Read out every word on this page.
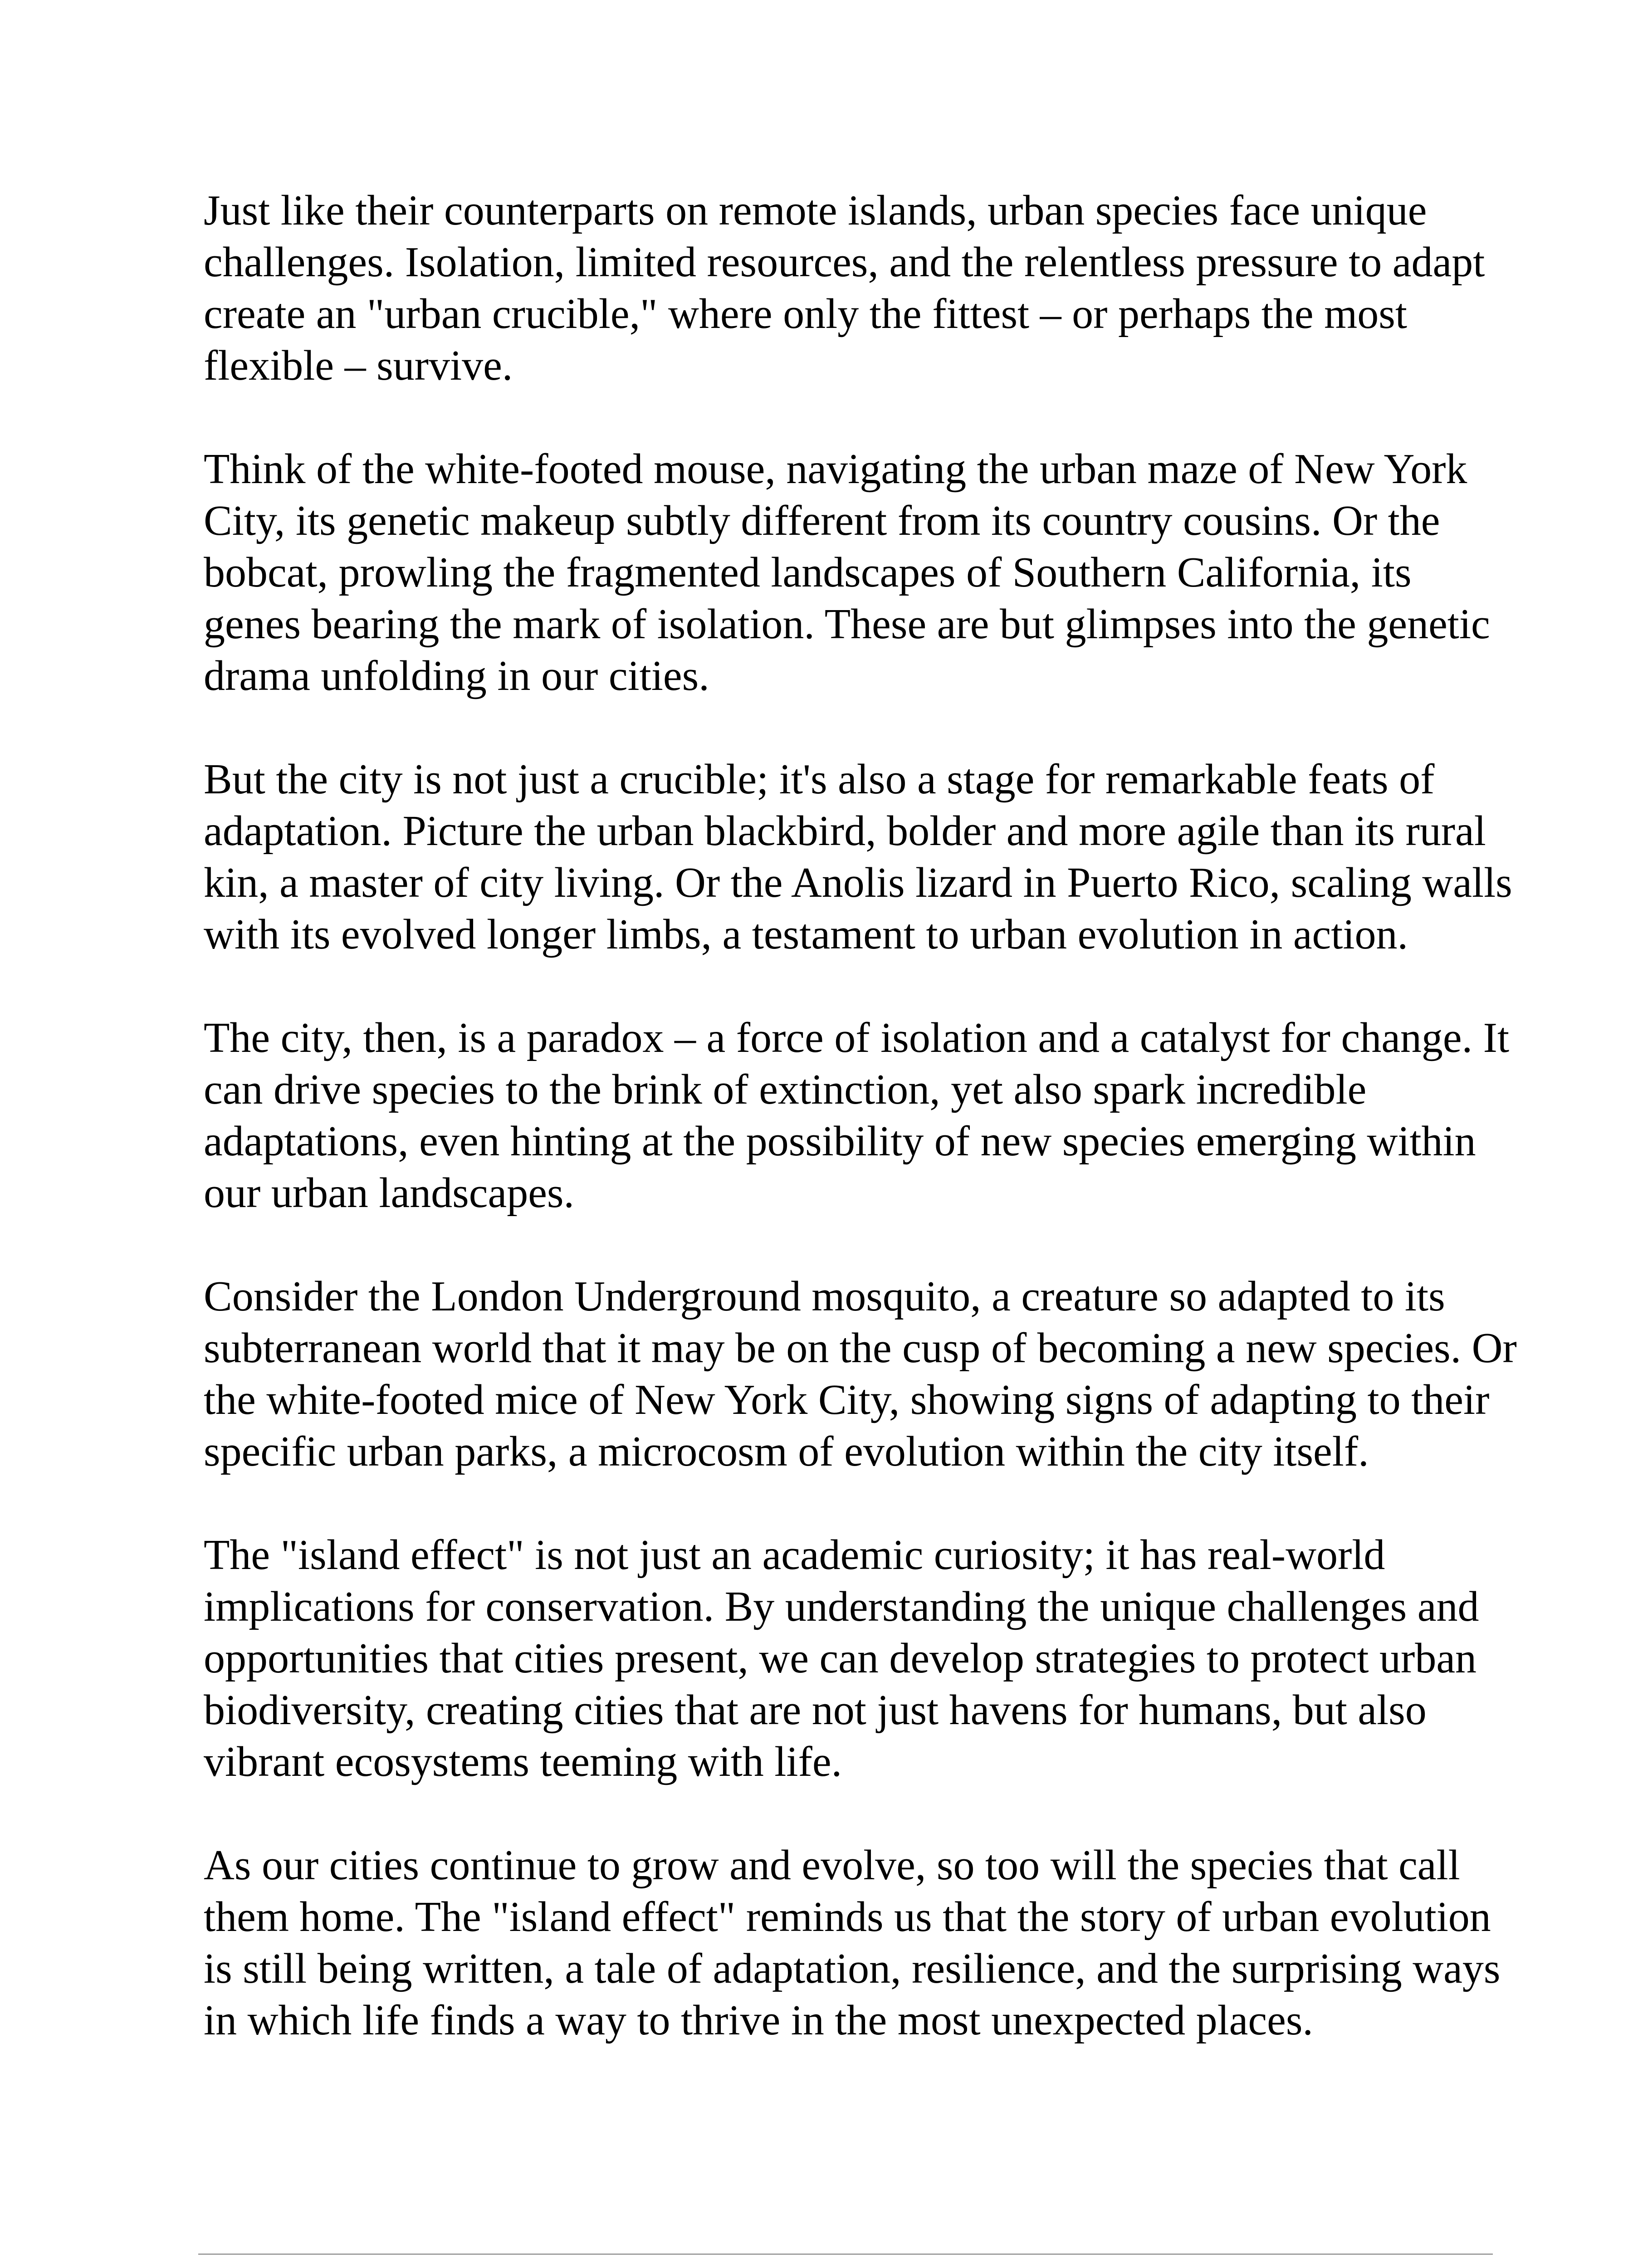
Just like their counterparts on remote islands, urban species face unique challenges. Isolation, limited resources, and the relentless pressure to adapt create an "urban crucible," where only the fittest – or perhaps the most flexible – survive.

Think of the white-footed mouse, navigating the urban maze of New York City, its genetic makeup subtly different from its country cousins. Or the bobcat, prowling the fragmented landscapes of Southern California, its genes bearing the mark of isolation. These are but glimpses into the genetic drama unfolding in our cities.

But the city is not just a crucible; it's also a stage for remarkable feats of adaptation. Picture the urban blackbird, bolder and more agile than its rural kin, a master of city living. Or the Anolis lizard in Puerto Rico, scaling walls with its evolved longer limbs, a testament to urban evolution in action.

The city, then, is a paradox – a force of isolation and a catalyst for change. It can drive species to the brink of extinction, yet also spark incredible adaptations, even hinting at the possibility of new species emerging within our urban landscapes.

Consider the London Underground mosquito, a creature so adapted to its subterranean world that it may be on the cusp of becoming a new species. Or the white-footed mice of New York City, showing signs of adapting to their specific urban parks, a microcosm of evolution within the city itself.

The "island effect" is not just an academic curiosity; it has real-world implications for conservation. By understanding the unique challenges and opportunities that cities present, we can develop strategies to protect urban biodiversity, creating cities that are not just havens for humans, but also vibrant ecosystems teeming with life.

As our cities continue to grow and evolve, so too will the species that call them home. The "island effect" reminds us that the story of urban evolution is still being written, a tale of adaptation, resilience, and the surprising ways in which life finds a way to thrive in the most unexpected places.
